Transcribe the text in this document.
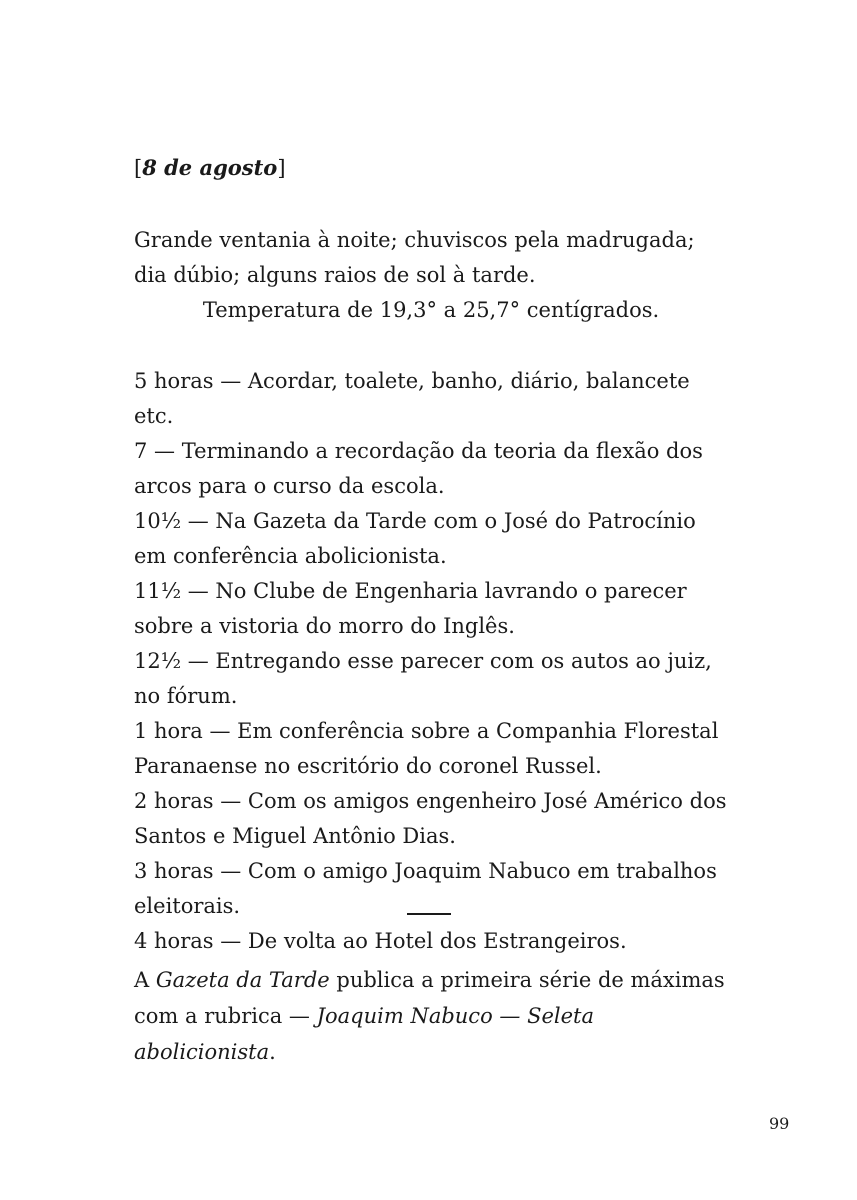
[8 de agosto]

Grande ventania à noite; chuviscos pela madrugada; dia dúbio; alguns raios de sol à tarde.

Temperatura de 19,3° a 25,7° centígrados.

5 horas — Acordar, toalete, banho, diário, balancete etc.
7 — Terminando a recordação da teoria da flexão dos arcos para o curso da escola.
10½ — Na Gazeta da Tarde com o José do Patrocínio em conferência abolicionista.
11½ — No Clube de Engenharia lavrando o parecer sobre a vistoria do morro do Inglês.
12½ — Entregando esse parecer com os autos ao juiz, no fórum.
1 hora — Em conferência sobre a Companhia Florestal Paranaense no escritório do coronel Russel.
2 horas — Com os amigos engenheiro José Américo dos Santos e Miguel Antônio Dias.
3 horas — Com o amigo Joaquim Nabuco em trabalhos eleitorais.
4 horas — De volta ao Hotel dos Estrangeiros.

A Gazeta da Tarde publica a primeira série de máximas com a rubrica — Joaquim Nabuco — Seleta abolicionista.

99
